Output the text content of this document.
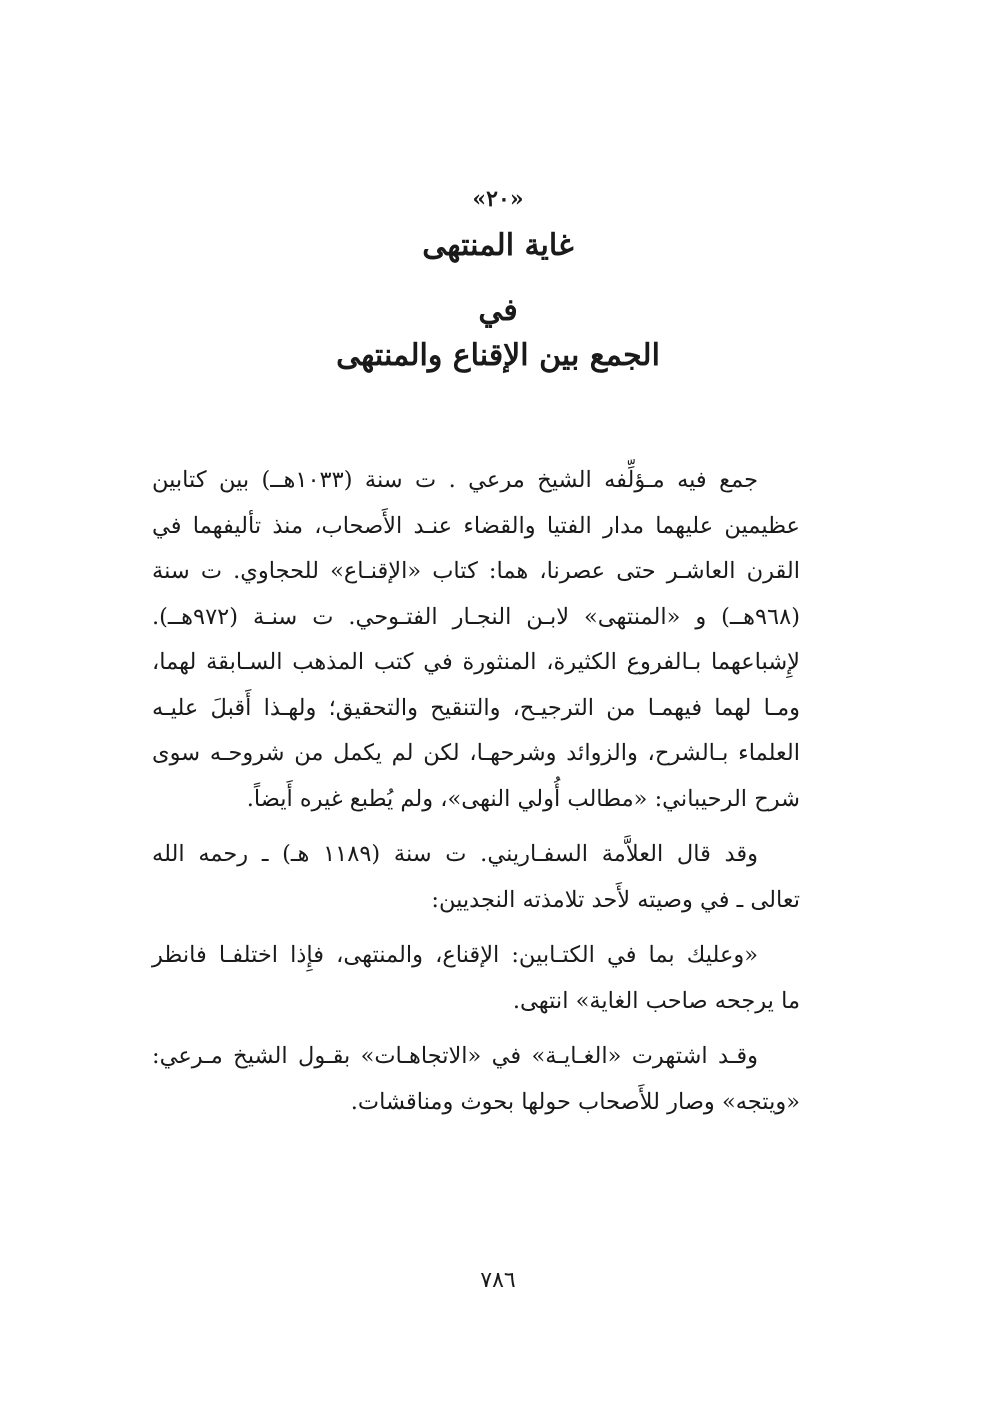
«٢٠»
غاية المنتهى
في
الجمع بين الإقناع والمنتهى
جمع فيه مـؤلِّفه الشيخ مرعي . ت سنة (١٠٣٣هــ) بين كتابين
عظيمين عليهما مدار الفتيا والقضاء عنـد الأَصحاب، منذ تأليفهما في
القرن العاشـر حتى عصرنا، هما: كتاب «الإقنـاع» للحجاوي. ت سنة
(٩٦٨هــ) و «المنتهى» لابـن النجـار الفتـوحي. ت سنـة (٩٧٢هــ).
لإِشباعهما بـالفروع الكثيرة، المنثورة في كتب المذهب السـابقة لهما،
ومـا لهما فيهمـا من الترجيـح، والتنقيح والتحقيق؛ ولهـذا أَقبلَ عليـه
العلماء بـالشرح، والزوائد وشرحهـا، لكن لم يكمل من شروحـه سوى
شرح الرحيباني: «مطالب أُولي النهى»، ولم يُطبع غيره أَيضاً.
وقد قال العلاَّمة السفـاريني. ت سنة (١١٨٩ هـ) ـ رحمه الله
تعالى ـ في وصيته لأَحد تلامذته النجديين:
«وعليك بما في الكتـابين: الإقناع، والمنتهى، فإِذا اختلفـا فانظر
ما يرجحه صاحب الغاية» انتهى.
وقـد اشتهرت «الغـايـة» في «الاتجاهـات» بقـول الشيخ مـرعي:
«ويتجه» وصار للأَصحاب حولها بحوث ومناقشات.
٧٨٦
